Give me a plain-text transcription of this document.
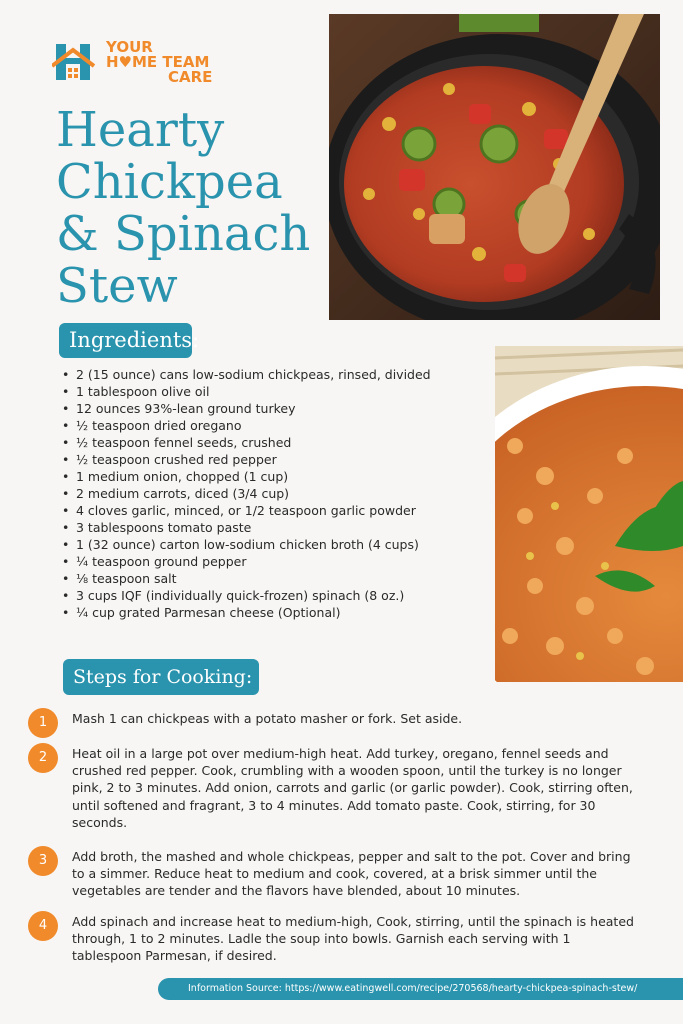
YOUR
H♥ME TEAM
CARE
Hearty
Chickpea
& Spinach
Stew
Ingredients:
• 2 (15 ounce) cans low-sodium chickpeas, rinsed, divided
• 1 tablespoon olive oil
• 12 ounces 93%-lean ground turkey
• ½ teaspoon dried oregano
• ½ teaspoon fennel seeds, crushed
• ½ teaspoon crushed red pepper
• 1 medium onion, chopped (1 cup)
• 2 medium carrots, diced (3/4 cup)
• 4 cloves garlic, minced, or 1/2 teaspoon garlic powder
• 3 tablespoons tomato paste
• 1 (32 ounce) carton low-sodium chicken broth (4 cups)
• ¼ teaspoon ground pepper
• ⅛ teaspoon salt
• 3 cups IQF (individually quick-frozen) spinach (8 oz.)
• ¼ cup grated Parmesan cheese (Optional)
Steps for Cooking:
1	Mash 1 can chickpeas with a potato masher or fork. Set aside.

2	Heat oil in a large pot over medium-high heat. Add turkey, oregano, fennel seeds and crushed red pepper. Cook, crumbling with a wooden spoon, until the turkey is no longer pink, 2 to 3 minutes. Add onion, carrots and garlic (or garlic powder). Cook, stirring often, until softened and fragrant, 3 to 4 minutes. Add tomato paste. Cook, stirring, for 30 seconds.

3	Add broth, the mashed and whole chickpeas, pepper and salt to the pot. Cover and bring to a simmer. Reduce heat to medium and cook, covered, at a brisk simmer until the vegetables are tender and the flavors have blended, about 10 minutes.

4	Add spinach and increase heat to medium-high, Cook, stirring, until the spinach is heated through, 1 to 2 minutes. Ladle the soup into bowls. Garnish each serving with 1 tablespoon Parmesan, if desired.

Information Source: https://www.eatingwell.com/recipe/270568/hearty-chickpea-spinach-stew/
